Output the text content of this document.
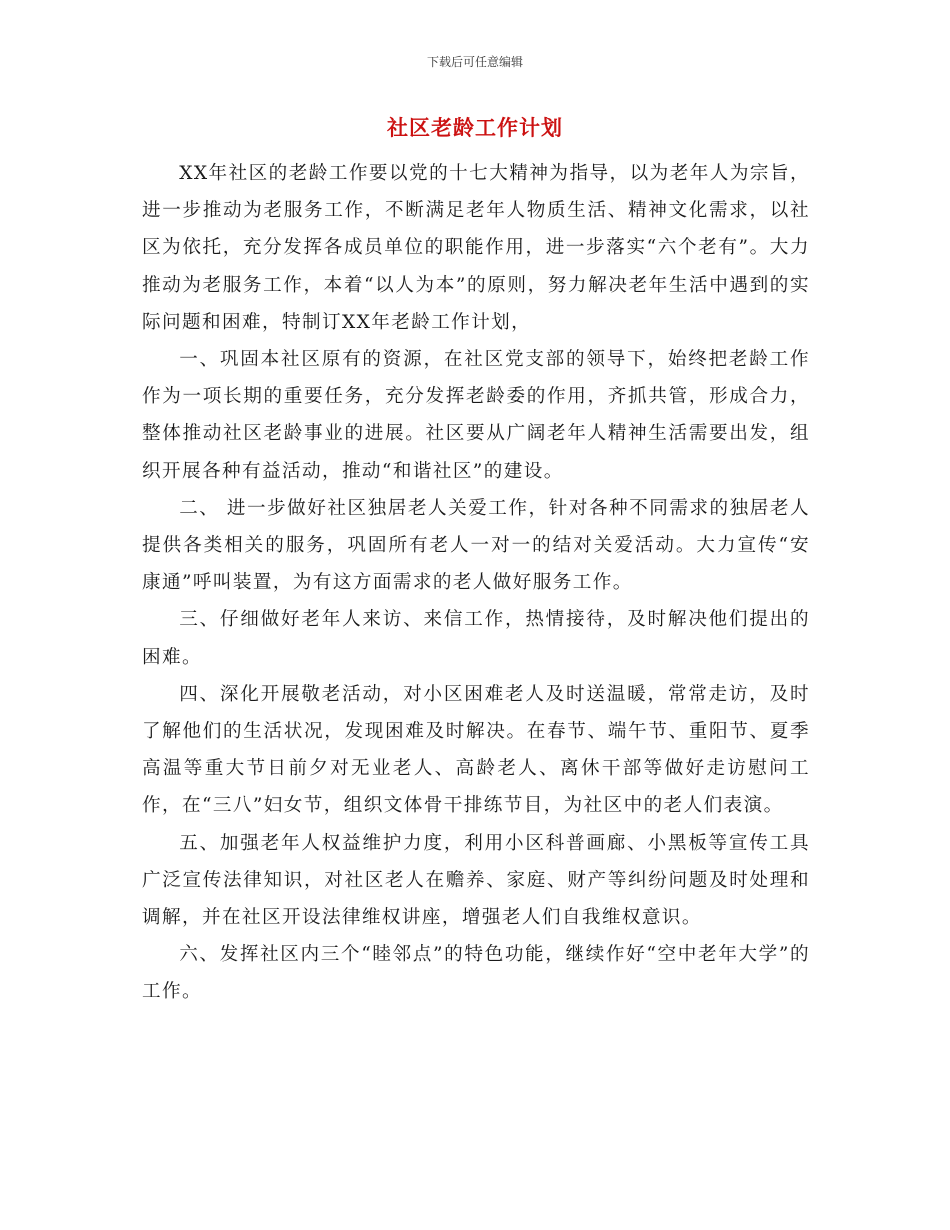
下载后可任意编辑
社区老龄工作计划

XX年社区的老龄工作要以党的十七大精神为指导，以为老年人为宗旨，进一步推动为老服务工作，不断满足老年人物质生活、精神文化需求，以社区为依托，充分发挥各成员单位的职能作用，进一步落实“六个老有”。大力推动为老服务工作，本着“以人为本”的原则，努力解决老年生活中遇到的实际问题和困难，特制订XX年老龄工作计划，

一、巩固本社区原有的资源，在社区党支部的领导下，始终把老龄工作作为一项长期的重要任务，充分发挥老龄委的作用，齐抓共管，形成合力，整体推动社区老龄事业的进展。社区要从广阔老年人精神生活需要出发，组织开展各种有益活动，推动“和谐社区”的建设。

二、 进一步做好社区独居老人关爱工作，针对各种不同需求的独居老人提供各类相关的服务，巩固所有老人一对一的结对关爱活动。大力宣传“安康通”呼叫装置，为有这方面需求的老人做好服务工作。

三、仔细做好老年人来访、来信工作，热情接待，及时解决他们提出的困难。

四、深化开展敬老活动，对小区困难老人及时送温暖，常常走访，及时了解他们的生活状况，发现困难及时解决。在春节、端午节、重阳节、夏季高温等重大节日前夕对无业老人、高龄老人、离休干部等做好走访慰问工作，在“三八”妇女节，组织文体骨干排练节目，为社区中的老人们表演。

五、加强老年人权益维护力度，利用小区科普画廊、小黑板等宣传工具广泛宣传法律知识，对社区老人在赡养、家庭、财产等纠纷问题及时处理和调解，并在社区开设法律维权讲座，增强老人们自我维权意识。

六、发挥社区内三个“睦邻点”的特色功能，继续作好“空中老年大学”的工作。
